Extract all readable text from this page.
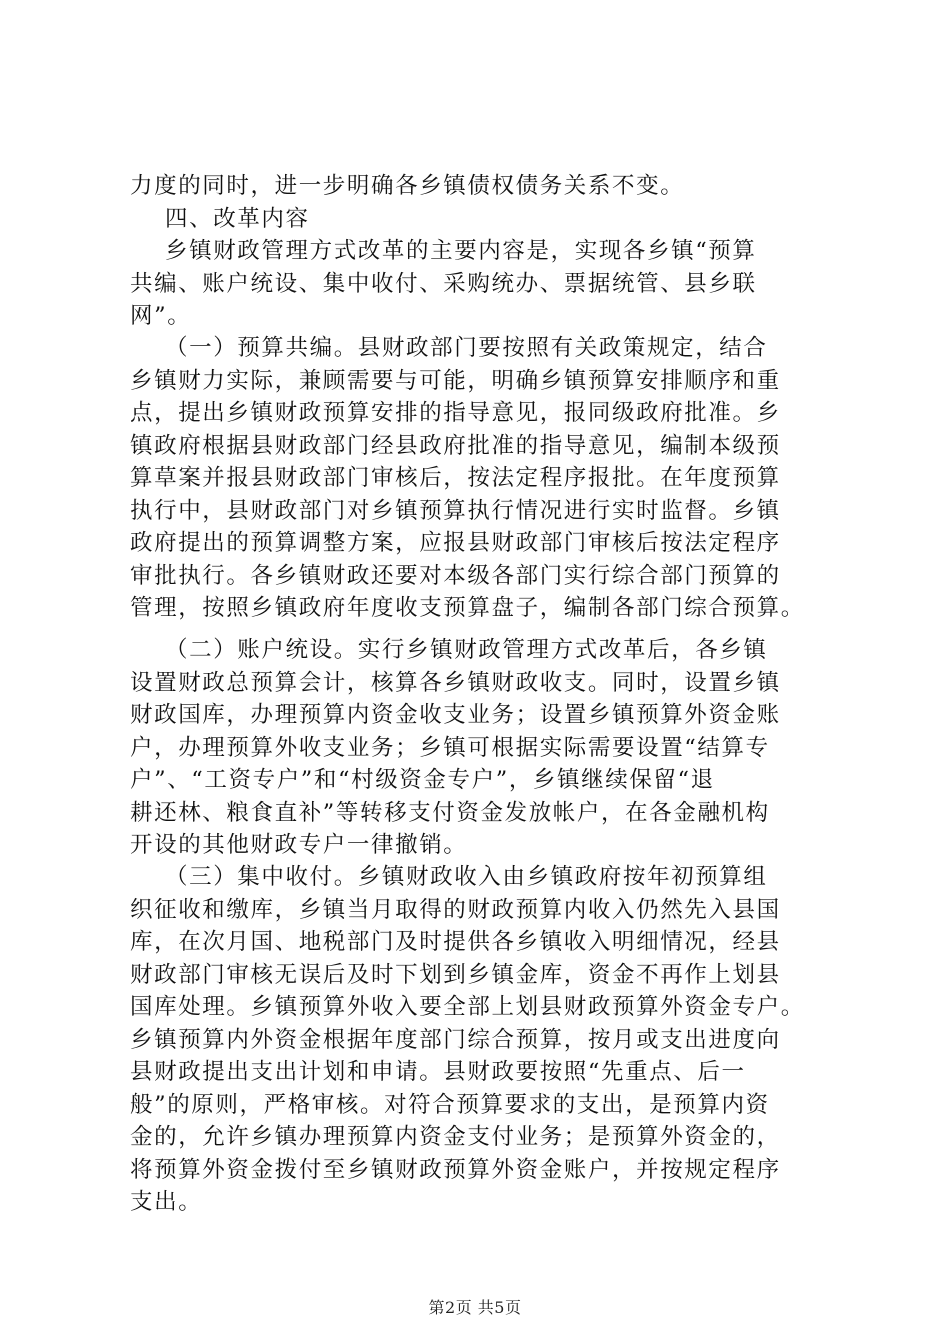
力度的同时，进一步明确各乡镇债权债务关系不变。
四、改革内容
乡镇财政管理方式改革的主要内容是，实现各乡镇“预算
共编、账户统设、集中收付、采购统办、票据统管、县乡联
网”。
（一）预算共编。县财政部门要按照有关政策规定，结合
乡镇财力实际，兼顾需要与可能，明确乡镇预算安排顺序和重
点，提出乡镇财政预算安排的指导意见，报同级政府批准。乡
镇政府根据县财政部门经县政府批准的指导意见，编制本级预
算草案并报县财政部门审核后，按法定程序报批。在年度预算
执行中，县财政部门对乡镇预算执行情况进行实时监督。乡镇
政府提出的预算调整方案，应报县财政部门审核后按法定程序
审批执行。各乡镇财政还要对本级各部门实行综合部门预算的
管理，按照乡镇政府年度收支预算盘子，编制各部门综合预算。
（二）账户统设。实行乡镇财政管理方式改革后，各乡镇
设置财政总预算会计，核算各乡镇财政收支。同时，设置乡镇
财政国库，办理预算内资金收支业务；设置乡镇预算外资金账
户，办理预算外收支业务；乡镇可根据实际需要设置“结算专
户”、“工资专户”和“村级资金专户”，乡镇继续保留“退
耕还林、粮食直补”等转移支付资金发放帐户，在各金融机构
开设的其他财政专户一律撤销。
（三）集中收付。乡镇财政收入由乡镇政府按年初预算组
织征收和缴库，乡镇当月取得的财政预算内收入仍然先入县国
库，在次月国、地税部门及时提供各乡镇收入明细情况，经县
财政部门审核无误后及时下划到乡镇金库，资金不再作上划县
国库处理。乡镇预算外收入要全部上划县财政预算外资金专户。
乡镇预算内外资金根据年度部门综合预算，按月或支出进度向
县财政提出支出计划和申请。县财政要按照“先重点、后一
般”的原则，严格审核。对符合预算要求的支出，是预算内资
金的，允许乡镇办理预算内资金支付业务；是预算外资金的，
将预算外资金拨付至乡镇财政预算外资金账户，并按规定程序
支出。
第2页 共5页
